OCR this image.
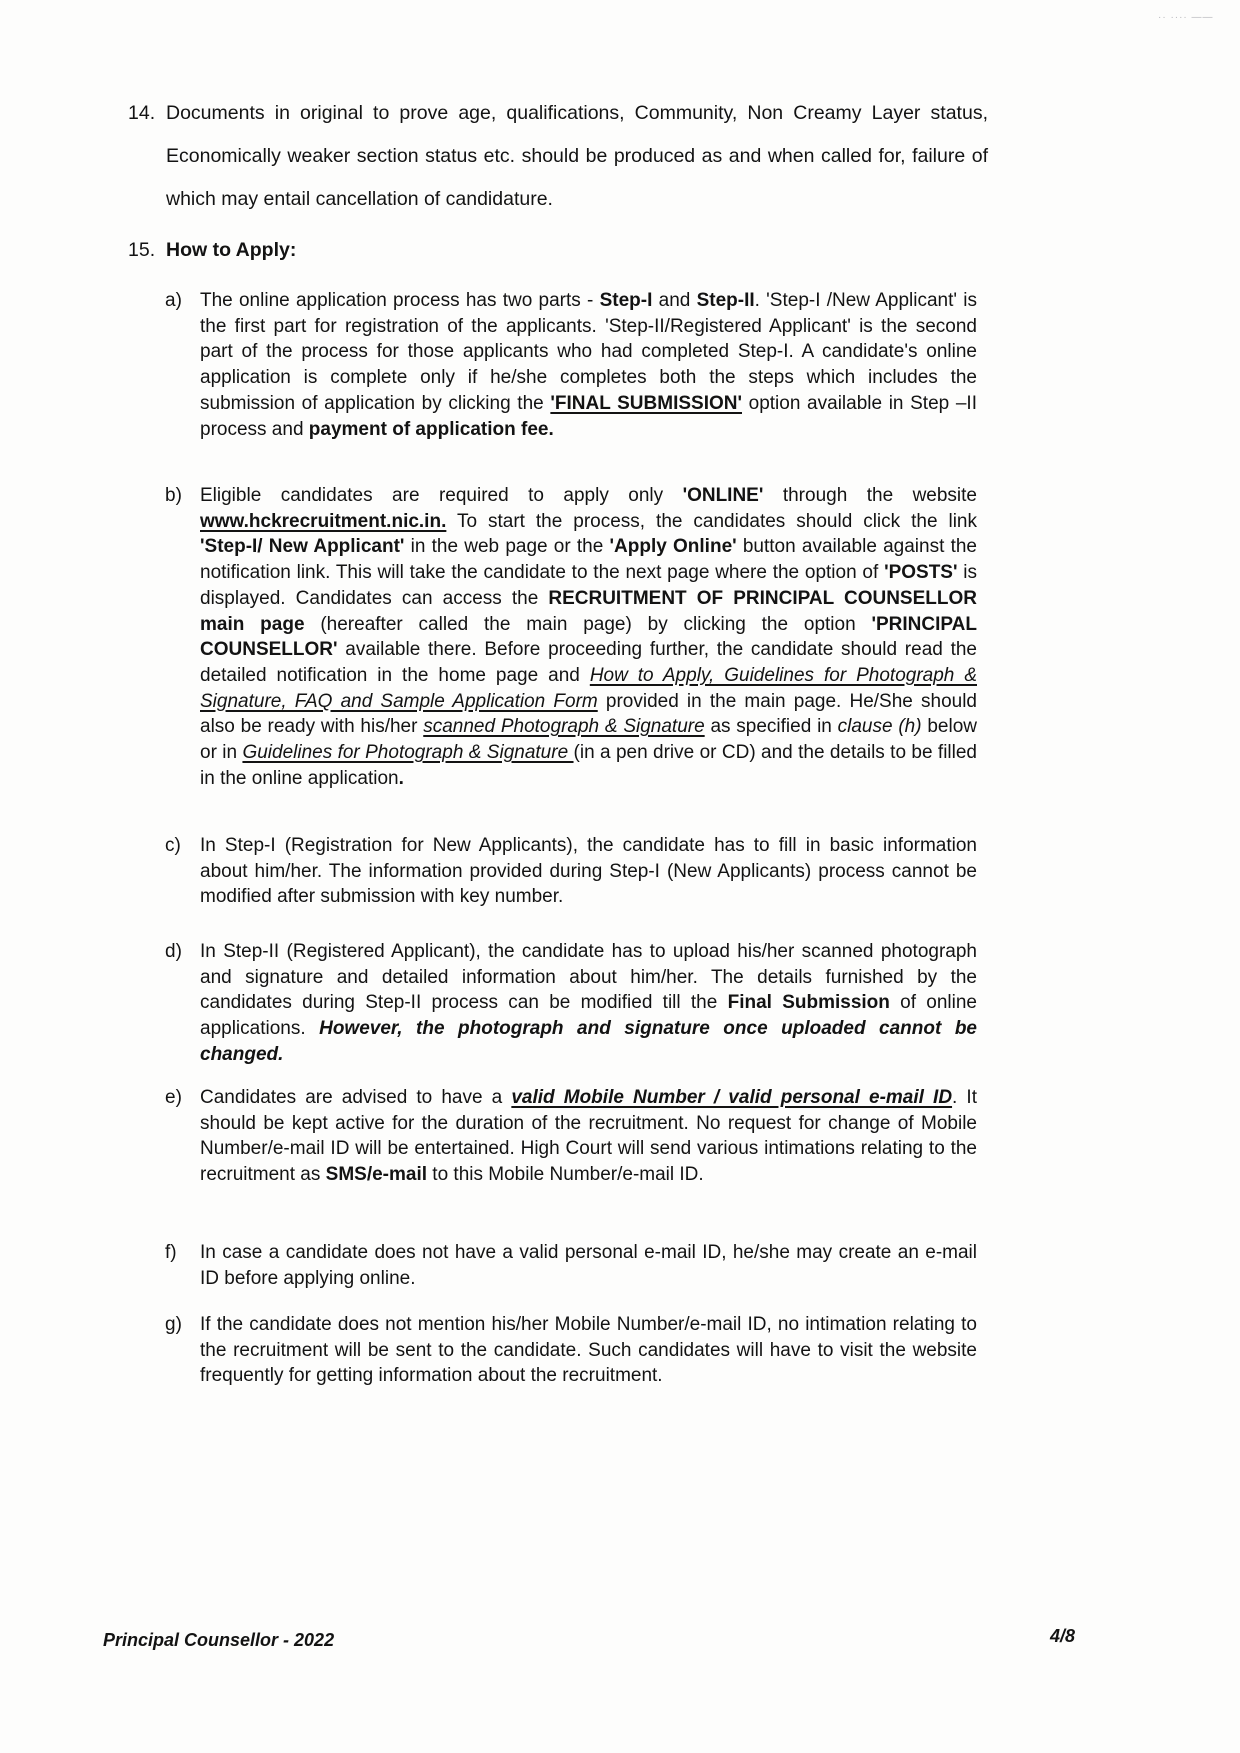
·· ···· ——
14. Documents in original to prove age, qualifications, Community, Non Creamy Layer status, Economically weaker section status etc. should be produced as and when called for, failure of which may entail cancellation of candidature.
15. How to Apply:
a) The online application process has two parts - Step-I and Step-II. 'Step-I /New Applicant' is the first part for registration of the applicants. 'Step-II/Registered Applicant' is the second part of the process for those applicants who had completed Step-I. A candidate's online application is complete only if he/she completes both the steps which includes the submission of application by clicking the 'FINAL SUBMISSION' option available in Step –II process and payment of application fee.
b) Eligible candidates are required to apply only 'ONLINE' through the website www.hckrecruitment.nic.in. To start the process, the candidates should click the link 'Step-I/ New Applicant' in the web page or the 'Apply Online' button available against the notification link. This will take the candidate to the next page where the option of 'POSTS' is displayed. Candidates can access the RECRUITMENT OF PRINCIPAL COUNSELLOR main page (hereafter called the main page) by clicking the option 'PRINCIPAL COUNSELLOR' available there. Before proceeding further, the candidate should read the detailed notification in the home page and How to Apply, Guidelines for Photograph & Signature, FAQ and Sample Application Form provided in the main page. He/She should also be ready with his/her scanned Photograph & Signature as specified in clause (h) below or in Guidelines for Photograph & Signature (in a pen drive or CD) and the details to be filled in the online application.
c)	In Step-I (Registration for New Applicants), the candidate has to fill in basic information about him/her. The information provided during Step-I (New Applicants) process cannot be modified after submission with key number.
d) In Step-II (Registered Applicant), the candidate has to upload his/her scanned photograph and signature and detailed information about him/her. The details furnished by the candidates during Step-II process can be modified till the Final Submission of online applications. However, the photograph and signature once uploaded cannot be changed.
e) Candidates are advised to have a valid Mobile Number / valid personal e-mail ID. It should be kept active for the duration of the recruitment. No request for change of Mobile Number/e-mail ID will be entertained. High Court will send various intimations relating to the recruitment as SMS/e-mail to this Mobile Number/e-mail ID.
f)	In case a candidate does not have a valid personal e-mail ID, he/she may create an e-mail ID before applying online.
g) If the candidate does not mention his/her Mobile Number/e-mail ID, no intimation relating to the recruitment will be sent to the candidate. Such candidates will have to visit the website frequently for getting information about the recruitment.
Principal Counsellor - 2022	4/8
